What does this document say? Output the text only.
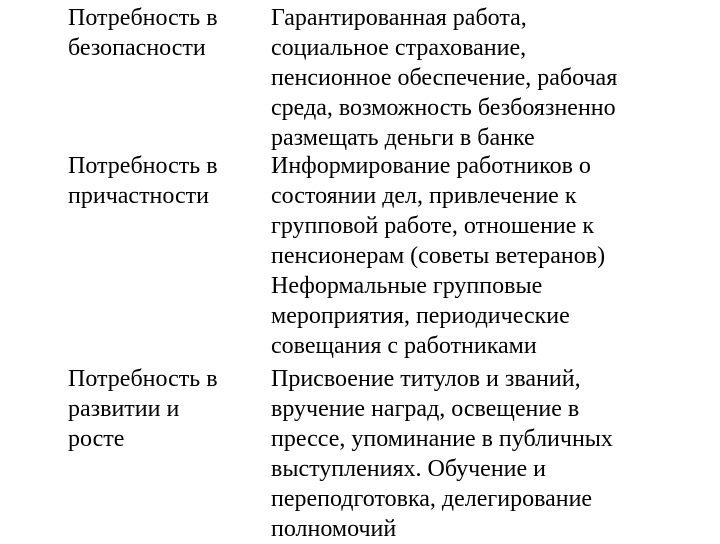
Потребность в
безопасности

Гарантированная работа,
социальное страхование,
пенсионное обеспечение, рабочая
среда, возможность безбоязненно
размещать деньги в банке

Потребность в
причастности

Информирование работников о
состоянии дел, привлечение к
групповой работе, отношение к
пенсионерам (советы ветеранов)
Неформальные групповые
мероприятия, периодические
совещания с работниками

Потребность в
развитии и
росте

Присвоение титулов и званий,
вручение наград, освещение в
прессе, упоминание в публичных
выступлениях. Обучение и
переподготовка, делегирование
полномочий
